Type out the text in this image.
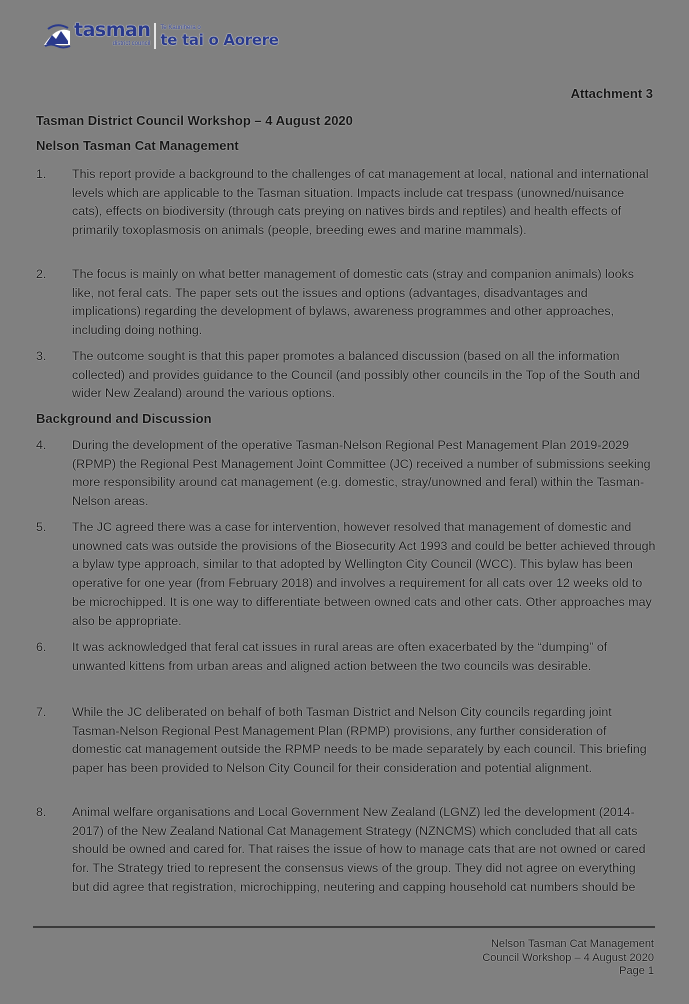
tasman
district council
Te Kaunihera o
te tai o Aorere
Attachment 3
Tasman District Council Workshop – 4 August 2020
Nelson Tasman Cat Management
1.	This report provide a background to the challenges of cat management at local, national and international levels which are applicable to the Tasman situation. Impacts include cat trespass (unowned/nuisance cats), effects on biodiversity (through cats preying on natives birds and reptiles) and health effects of primarily toxoplasmosis on animals (people, breeding ewes and marine mammals).
2.	The focus is mainly on what better management of domestic cats (stray and companion animals) looks like, not feral cats. The paper sets out the issues and options (advantages, disadvantages and implications) regarding the development of bylaws, awareness programmes and other approaches, including doing nothing.
3.	The outcome sought is that this paper promotes a balanced discussion (based on all the information collected) and provides guidance to the Council (and possibly other councils in the Top of the South and wider New Zealand) around the various options.
Background and Discussion
4.	During the development of the operative Tasman-Nelson Regional Pest Management Plan 2019-2029 (RPMP) the Regional Pest Management Joint Committee (JC) received a number of submissions seeking more responsibility around cat management (e.g. domestic, stray/unowned and feral) within the Tasman-Nelson areas.
5.	The JC agreed there was a case for intervention, however resolved that management of domestic and unowned cats was outside the provisions of the Biosecurity Act 1993 and could be better achieved through a bylaw type approach, similar to that adopted by Wellington City Council (WCC). This bylaw has been operative for one year (from February 2018) and involves a requirement for all cats over 12 weeks old to be microchipped. It is one way to differentiate between owned cats and other cats. Other approaches may also be appropriate.
6.	It was acknowledged that feral cat issues in rural areas are often exacerbated by the “dumping” of unwanted kittens from urban areas and aligned action between the two councils was desirable.
7.	While the JC deliberated on behalf of both Tasman District and Nelson City councils regarding joint Tasman-Nelson Regional Pest Management Plan (RPMP) provisions, any further consideration of domestic cat management outside the RPMP needs to be made separately by each council. This briefing paper has been provided to Nelson City Council for their consideration and potential alignment.
8.	Animal welfare organisations and Local Government New Zealand (LGNZ) led the development (2014-2017) of the New Zealand National Cat Management Strategy (NZNCMS) which concluded that all cats should be owned and cared for. That raises the issue of how to manage cats that are not owned or cared for. The Strategy tried to represent the consensus views of the group. They did not agree on everything but did agree that registration, microchipping, neutering and capping household cat numbers should be
Nelson Tasman Cat Management
Council Workshop – 4 August 2020
Page 1
